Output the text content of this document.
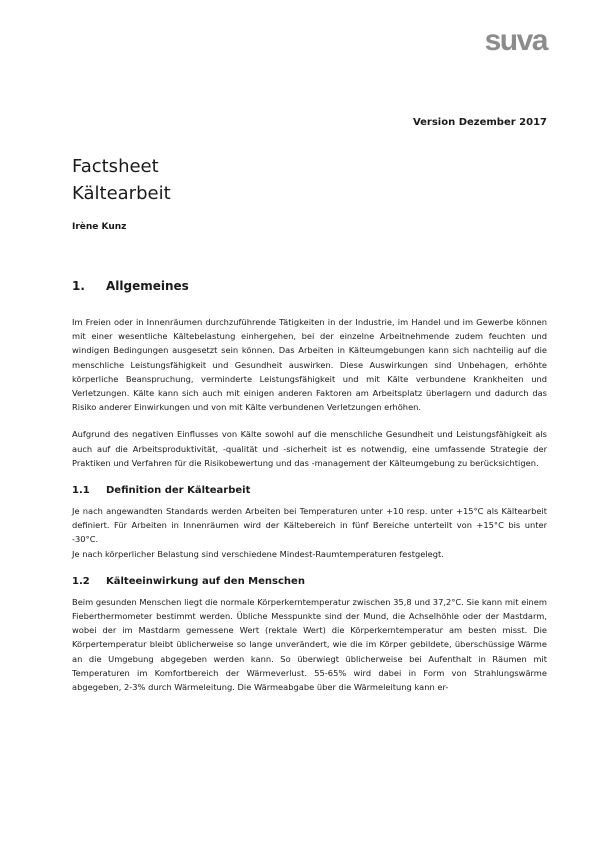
suva
Version Dezember 2017
Factsheet
Kältearbeit
Irène Kunz
1.	Allgemeines

Im Freien oder in Innenräumen durchzuführende Tätigkeiten in der Industrie, im Handel und im Gewerbe können mit einer wesentliche Kältebelastung einhergehen, bei der einzelne Arbeitnehmende zudem feuchten und windigen Bedingungen ausgesetzt sein können. Das Arbeiten in Kälteumgebungen kann sich nachteilig auf die menschliche Leistungsfähigkeit und Gesundheit auswirken. Diese Auswirkungen sind Unbehagen, erhöhte körperliche Beanspruchung, verminderte Leistungsfähigkeit und mit Kälte verbundene Krankheiten und Verletzungen. Kälte kann sich auch mit einigen anderen Faktoren am Arbeitsplatz überlagern und dadurch das Risiko anderer Einwirkungen und von mit Kälte verbundenen Verletzungen erhöhen.

Aufgrund des negativen Einflusses von Kälte sowohl auf die menschliche Gesundheit und Leistungsfähigkeit als auch auf die Arbeitsproduktivität, -qualität und -sicherheit ist es notwendig, eine umfassende Strategie der Praktiken und Verfahren für die Risikobewertung und das -management der Kälteumgebung zu berücksichtigen.

1.1	Definition der Kältearbeit

Je nach angewandten Standards werden Arbeiten bei Temperaturen unter +10 resp. unter +15°C als Kältearbeit definiert. Für Arbeiten in Innenräumen wird der Kältebereich in fünf Bereiche unterteilt von +15°C bis unter -30°C.

Je nach körperlicher Belastung sind verschiedene Mindest-Raumtemperaturen festgelegt.

1.2	Kälteeinwirkung auf den Menschen

Beim gesunden Menschen liegt die normale Körperkerntemperatur zwischen 35,8 und 37,2°C. Sie kann mit einem Fieberthermometer bestimmt werden. Übliche Messpunkte sind der Mund, die Achselhöhle oder der Mastdarm, wobei der im Mastdarm gemessene Wert (rektale Wert) die Körperkerntemperatur am besten misst. Die Körpertemperatur bleibt üblicherweise so lange unverändert, wie die im Körper gebildete, überschüssige Wärme an die Umgebung abgegeben werden kann. So überwiegt üblicherweise bei Aufenthalt in Räumen mit Temperaturen im Komfortbereich der Wärmeverlust. 55-65% wird dabei in Form von Strahlungswärme abgegeben, 2-3% durch Wärmeleitung. Die Wärmeabgabe über die Wärmeleitung kann er-
